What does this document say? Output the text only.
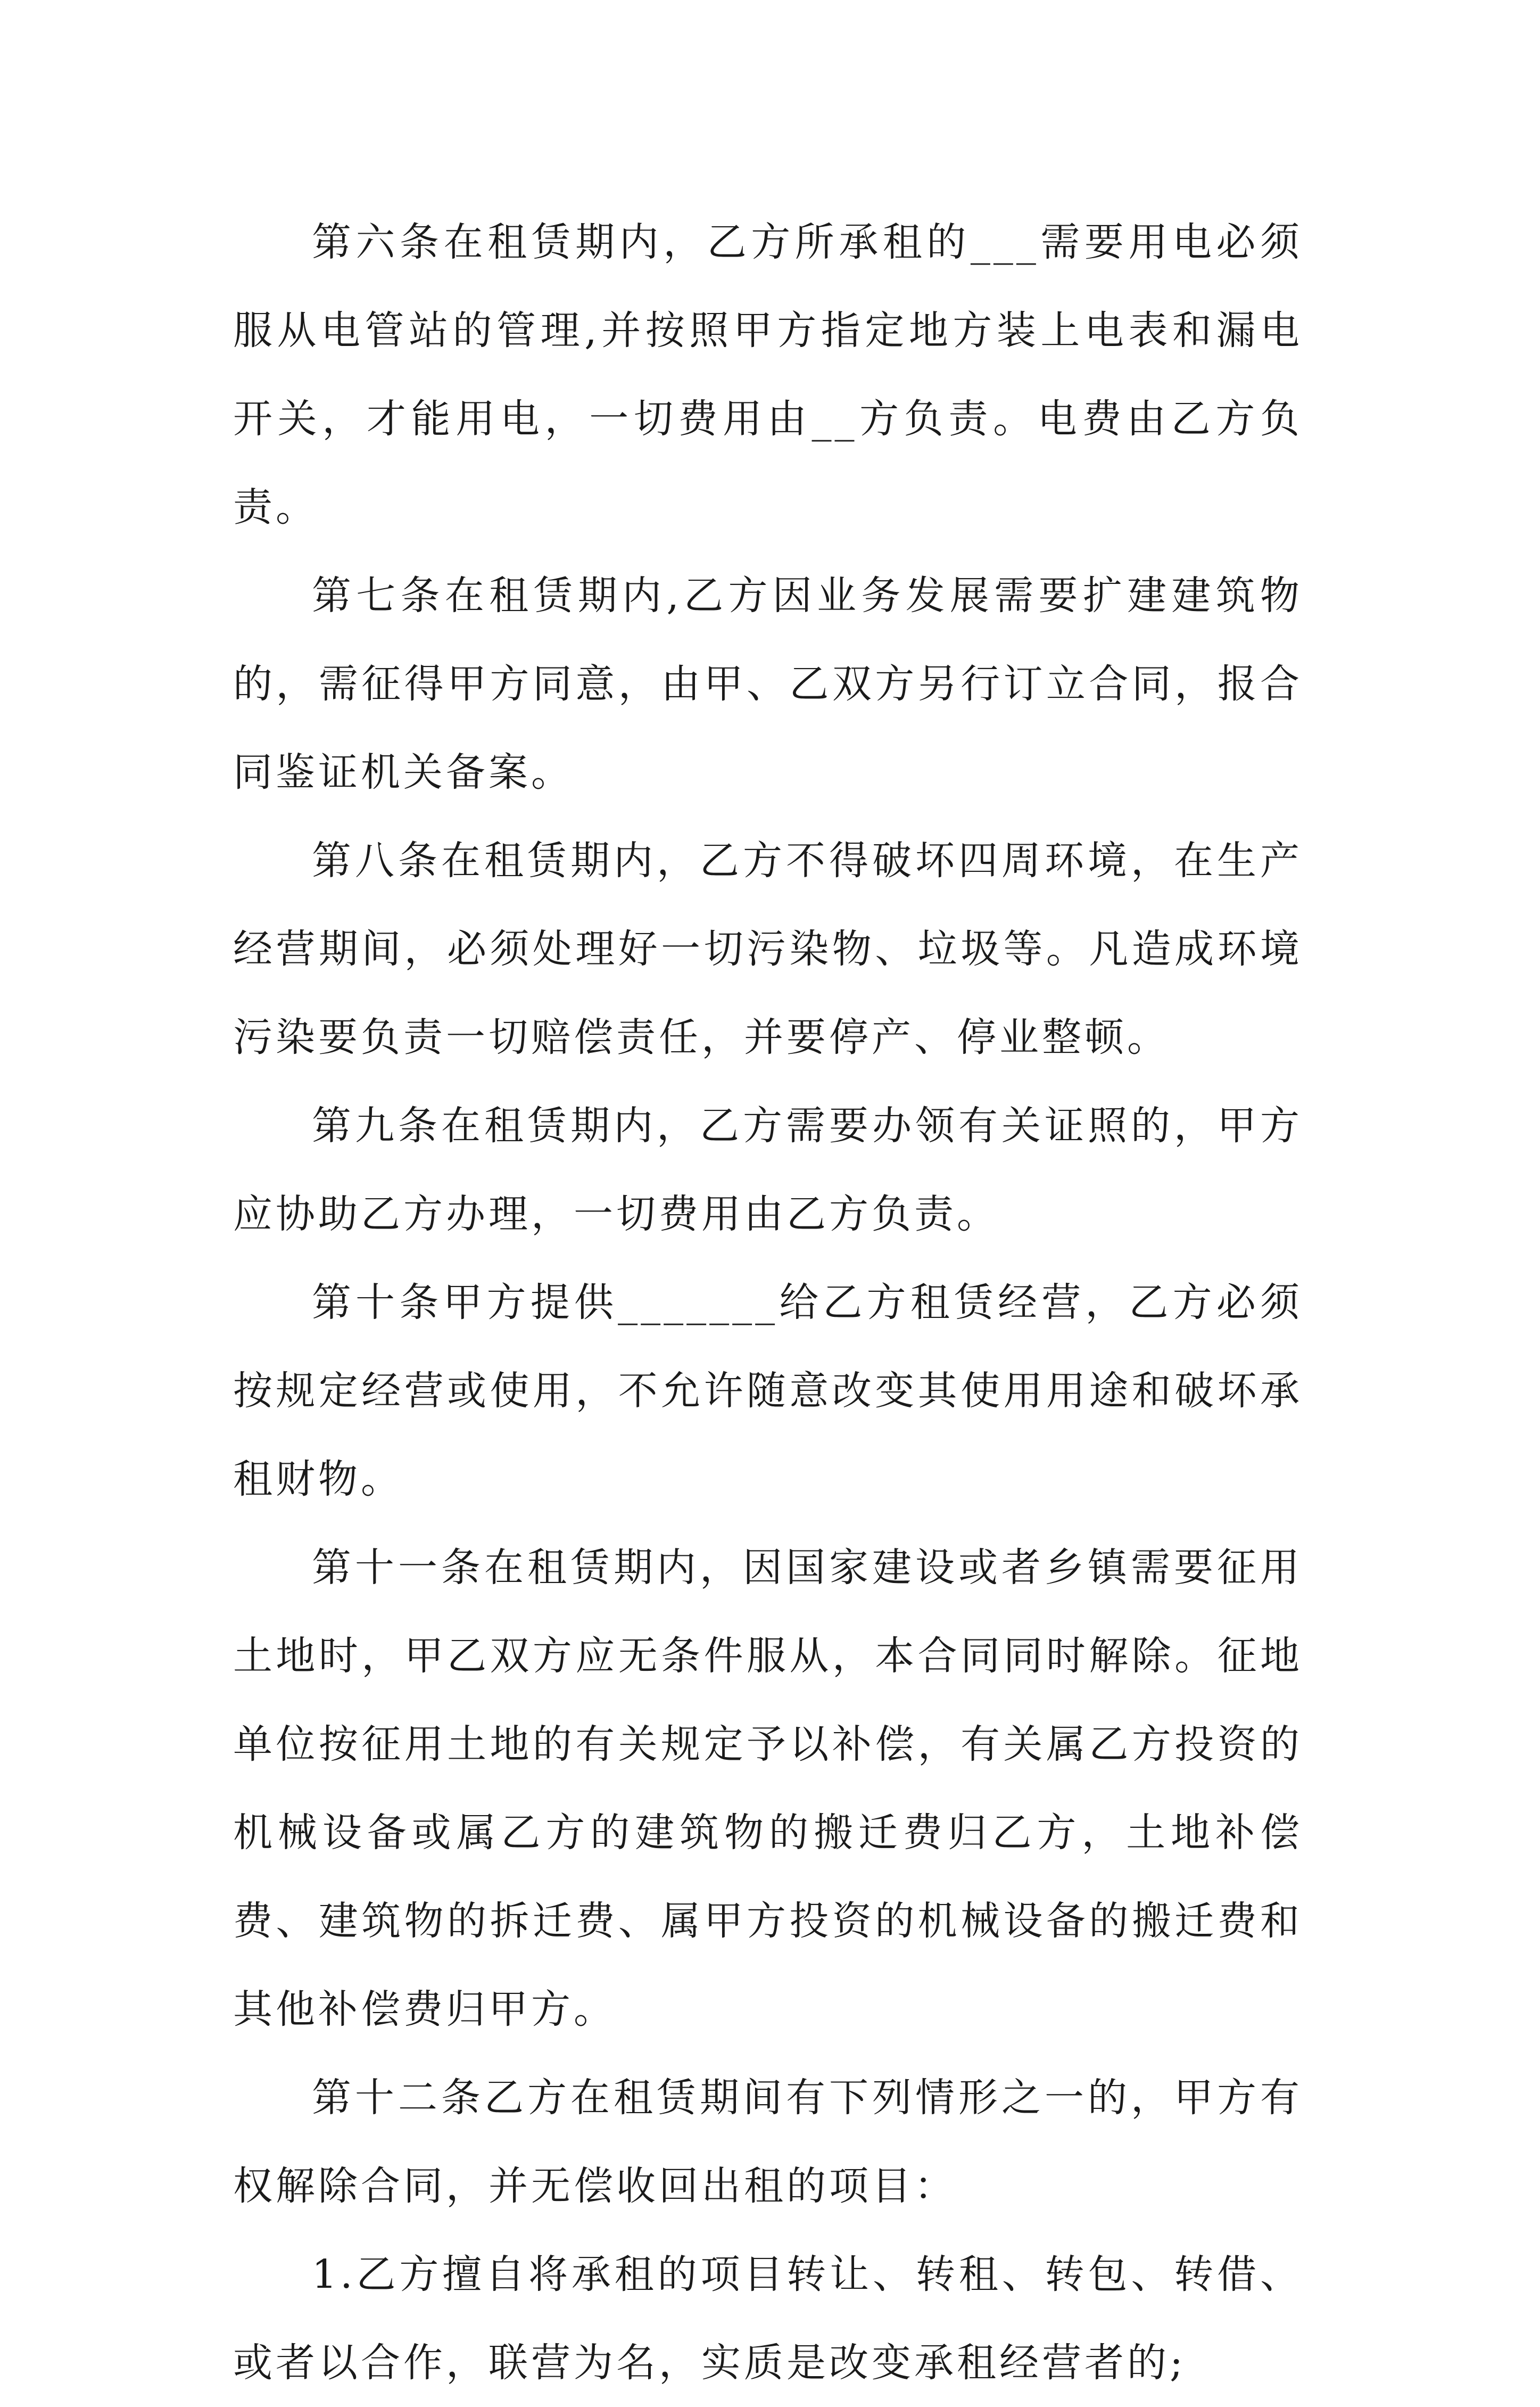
第六条在租赁期内，乙方所承租的___需要用电必须服从电管站的管理,并按照甲方指定地方装上电表和漏电开关，才能用电，一切费用由__方负责。电费由乙方负责。

第七条在租赁期内,乙方因业务发展需要扩建建筑物的，需征得甲方同意，由甲、乙双方另行订立合同，报合同鉴证机关备案。

第八条在租赁期内，乙方不得破坏四周环境，在生产经营期间，必须处理好一切污染物、垃圾等。凡造成环境污染要负责一切赔偿责任，并要停产、停业整顿。

第九条在租赁期内，乙方需要办领有关证照的，甲方应协助乙方办理，一切费用由乙方负责。

第十条甲方提供_______给乙方租赁经营，乙方必须按规定经营或使用，不允许随意改变其使用用途和破坏承租财物。

第十一条在租赁期内，因国家建设或者乡镇需要征用土地时，甲乙双方应无条件服从，本合同同时解除。征地单位按征用土地的有关规定予以补偿，有关属乙方投资的机械设备或属乙方的建筑物的搬迁费归乙方，土地补偿费、建筑物的拆迁费、属甲方投资的机械设备的搬迁费和其他补偿费归甲方。

第十二条乙方在租赁期间有下列情形之一的，甲方有权解除合同，并无偿收回出租的项目：

1.乙方擅自将承租的项目转让、转租、转包、转借、或者以合作，联营为名，实质是改变承租经营者的;
